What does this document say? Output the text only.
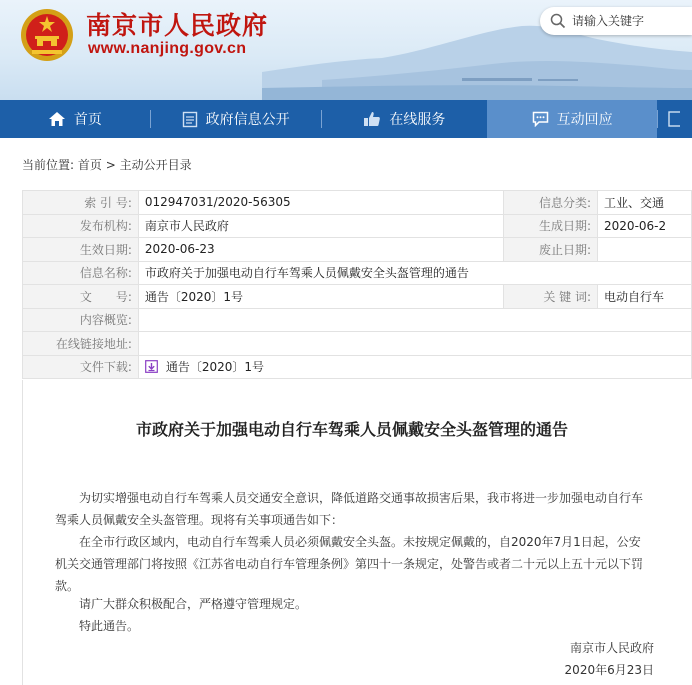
南京市人民政府
www.nanjing.gov.cn
请输入关键字
首页	政府信息公开	在线服务	互动回应
当前位置: 首页 > 主动公开目录
索 引 号:	012947031/2020-56305	信息分类:	工业、交通
发布机构:	南京市人民政府	生成日期:	2020-06-2
生效日期:	2020-06-23	废止日期:	
信息名称:	市政府关于加强电动自行车驾乘人员佩戴安全头盔管理的通告		
文　　号:	通告〔2020〕1号	关 键 词:	电动自行车
内容概览:			
在线链接地址:			
文件下载:	通告〔2020〕1号		
市政府关于加强电动自行车驾乘人员佩戴安全头盔管理的通告

为切实增强电动自行车驾乘人员交通安全意识，降低道路交通事故损害后果，我市将进一步加强电动自行车驾乘人员佩戴安全头盔管理。现将有关事项通告如下：

在全市行政区域内，电动自行车驾乘人员必须佩戴安全头盔。未按规定佩戴的，自2020年7月1日起，公安机关交通管理部门将按照《江苏省电动自行车管理条例》第四十一条规定，处警告或者二十元以上五十元以下罚款。

请广大群众积极配合，严格遵守管理规定。

特此通告。

南京市人民政府
2020年6月23日
